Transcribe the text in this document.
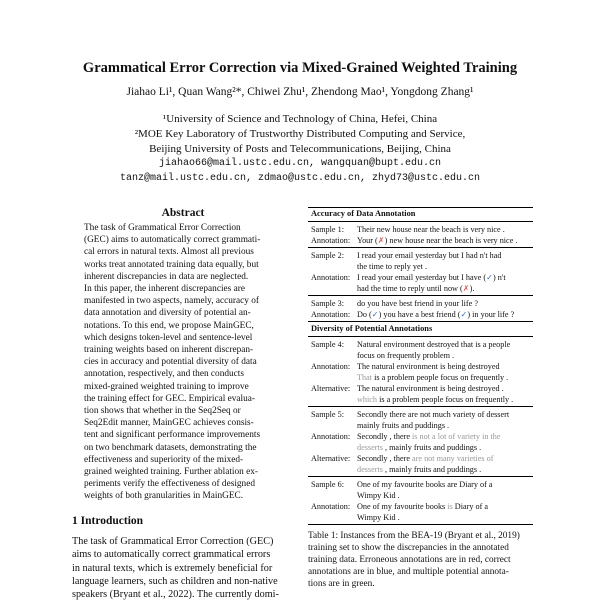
Grammatical Error Correction via Mixed-Grained Weighted Training
Jiahao Li¹, Quan Wang²*, Chiwei Zhu¹, Zhendong Mao¹, Yongdong Zhang¹
¹University of Science and Technology of China, Hefei, China
²MOE Key Laboratory of Trustworthy Distributed Computing and Service,
Beijing University of Posts and Telecommunications, Beijing, China
jiahao66@mail.ustc.edu.cn, wangquan@bupt.edu.cn
tanz@mail.ustc.edu.cn, zdmao@ustc.edu.cn, zhyd73@ustc.edu.cn
Abstract
The task of Grammatical Error Correction
(GEC) aims to automatically correct grammati-
cal errors in natural texts. Almost all previous
works treat annotated training data equally, but
inherent discrepancies in data are neglected.
In this paper, the inherent discrepancies are
manifested in two aspects, namely, accuracy of
data annotation and diversity of potential an-
notations. To this end, we propose MainGEC,
which designs token-level and sentence-level
training weights based on inherent discrepan-
cies in accuracy and potential diversity of data
annotation, respectively, and then conducts
mixed-grained weighted training to improve
the training effect for GEC. Empirical evalua-
tion shows that whether in the Seq2Seq or
Seq2Edit manner, MainGEC achieves consis-
tent and significant performance improvements
on two benchmark datasets, demonstrating the
effectiveness and superiority of the mixed-
grained weighted training. Further ablation ex-
periments verify the effectiveness of designed
weights of both granularities in MainGEC.
1 Introduction
The task of Grammatical Error Correction (GEC)
aims to automatically correct grammatical errors
in natural texts, which is extremely beneficial for
language learners, such as children and non-native
speakers (Bryant et al., 2022). The currently domi-
Accuracy of Data Annotation
Sample 1: Their new house near the beach is very nice .
Annotation: Your (✗) new house near the beach is very nice .
Sample 2: I read your email yesterday but I had n't had
the time to reply yet .
Annotation: I read your email yesterday but I have (✓) n't
had the time to reply until now (✗).
Sample 3: do you have best friend in your life ?
Annotation: Do (✓) you have a best friend (✓) in your life ?
Diversity of Potential Annotations
Sample 4: Natural environment destroyed that is a people
focus on frequently problem .
Annotation: The natural environment is being destroyed
That is a problem people focus on frequently .
Alternative: The natural environment is being destroyed .
which is a problem people focus on frequently .
Sample 5: Secondly there are not much variety of dessert
mainly fruits and puddings .
Annotation: Secondly , there is not a lot of variety in the
desserts , mainly fruits and puddings .
Alternative: Secondly , there are not many varieties of
desserts , mainly fruits and puddings .
Sample 6: One of my favourite books are Diary of a
Wimpy Kid .
Annotation: One of my favourite books is Diary of a
Wimpy Kid .
Table 1: Instances from the BEA-19 (Bryant et al., 2019)
training set to show the discrepancies in the annotated
training data. Erroneous annotations are in red, correct
annotations are in blue, and multiple potential annota-
tions are in green.
